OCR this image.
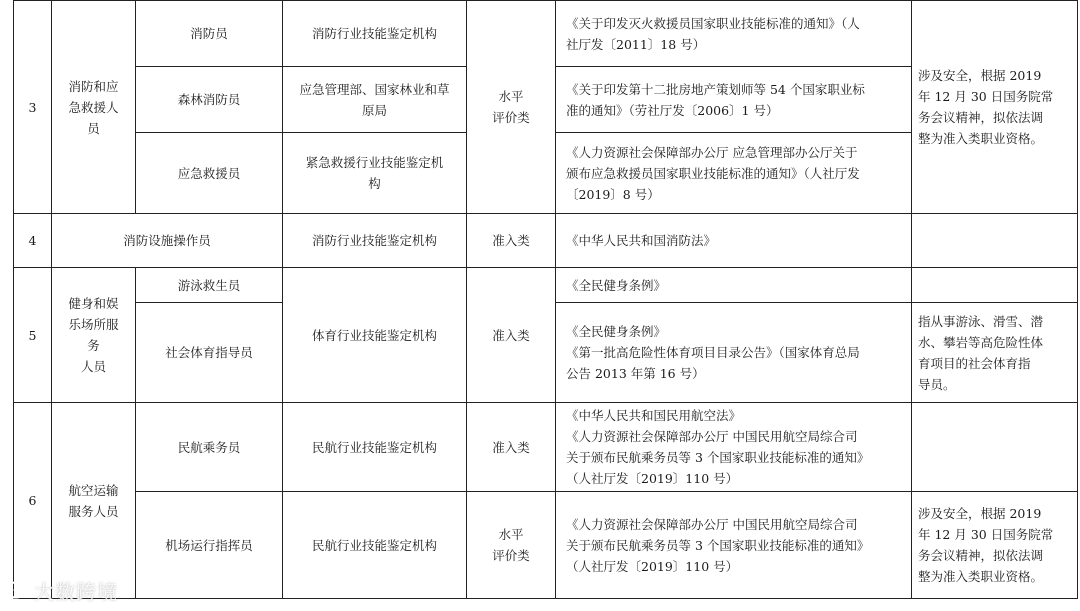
3	消防和应
急救援人
员	消防员	消防行业技能鉴定机构	水平
评价类	《关于印发灭火救援员国家职业技能标准的通知》（人
社厅发〔2011〕18 号）	涉及安全，根据 2019
年 12 月 30 日国务院常
务会议精神，拟依法调
整为准入类职业资格。
		森林消防员	应急管理部、国家林业和草
原局		《关于印发第十二批房地产策划师等 54 个国家职业标
准的通知》（劳社厅发〔2006〕1 号）	
		应急救援员	紧急救援行业技能鉴定机
构		《人力资源社会保障部办公厅 应急管理部办公厅关于
颁布应急救援员国家职业技能标准的通知》（人社厅发
〔2019〕8 号）	
4	消防设施操作员		消防行业技能鉴定机构	准入类	《中华人民共和国消防法》	
5	健身和娱
乐场所服
务
人员	游泳救生员	体育行业技能鉴定机构	准入类	《全民健身条例》	
		社会体育指导员			《全民健身条例》
《第一批高危险性体育项目目录公告》（国家体育总局
公告 2013 年第 16 号）	指从事游泳、滑雪、潜
水、攀岩等高危险性体
育项目的社会体育指
导员。
6	航空运输
服务人员	民航乘务员	民航行业技能鉴定机构	准入类	《中华人民共和国民用航空法》
《人力资源社会保障部办公厅 中国民用航空局综合司
关于颁布民航乘务员等 3 个国家职业技能标准的通知》
（人社厅发〔2019〕110 号）	
		机场运行指挥员	民航行业技能鉴定机构	水平
评价类	《人力资源社会保障部办公厅 中国民用航空局综合司
关于颁布民航乘务员等 3 个国家职业技能标准的通知》
（人社厅发〔2019〕110 号）	涉及安全，根据 2019
年 12 月 30 日国务院常
务会议精神，拟依法调
整为准入类职业资格。
大数跨境
